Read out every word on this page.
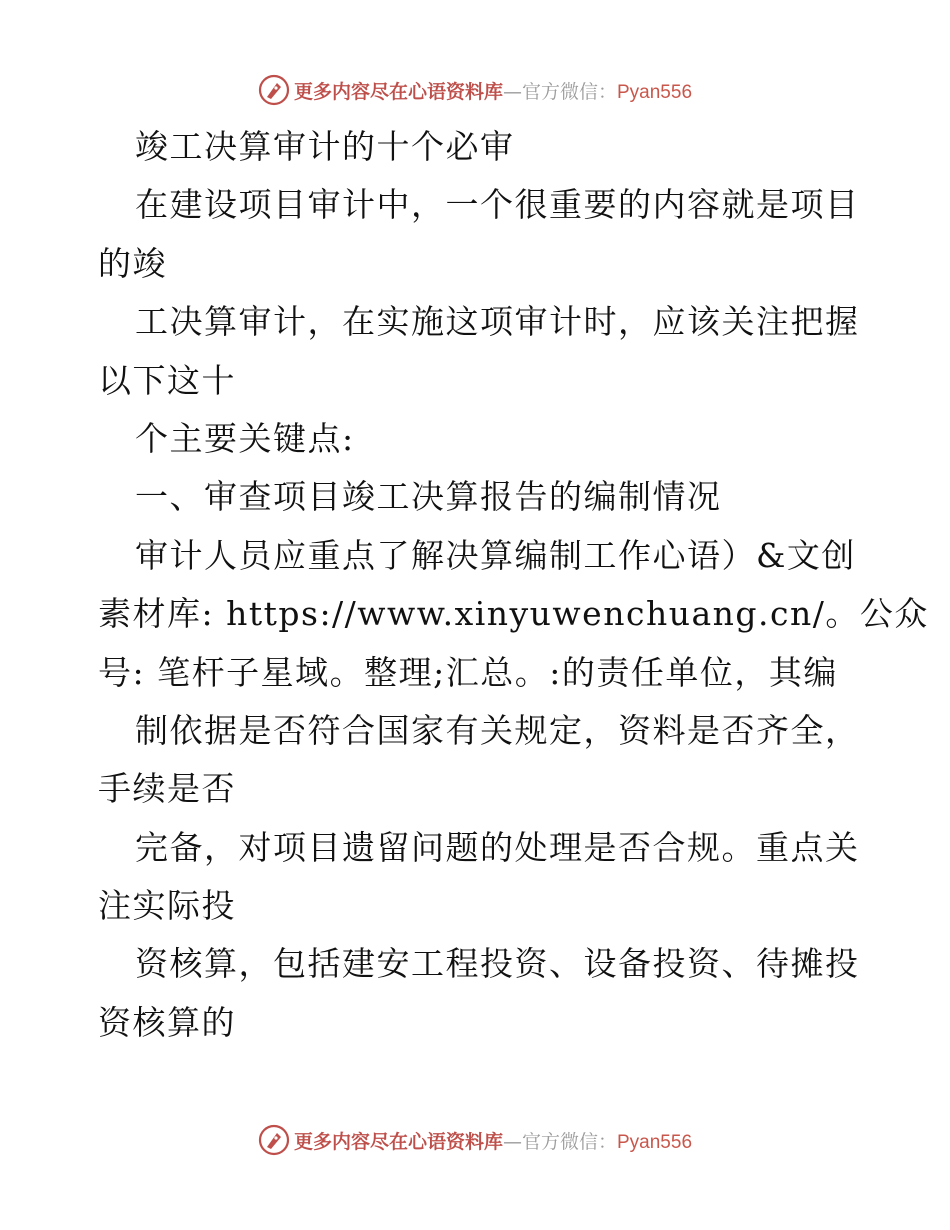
更多内容尽在心语资料库—官方微信：Pyan556
竣工决算审计的十个必审
在建设项目审计中，一个很重要的内容就是项目
的竣
工决算审计，在实施这项审计时，应该关注把握
以下这十
个主要关键点:
一、审查项目竣工决算报告的编制情况
审计人员应重点了解决算编制工作心语）&文创
素材库: https://www.xinyuwenchuang.cn/。公众
号: 笔杆子星域。整理;汇总。:的责任单位，其编
制依据是否符合国家有关规定，资料是否齐全，
手续是否
完备，对项目遗留问题的处理是否合规。重点关
注实际投
资核算，包括建安工程投资、设备投资、待摊投
资核算的
更多内容尽在心语资料库—官方微信：Pyan556
